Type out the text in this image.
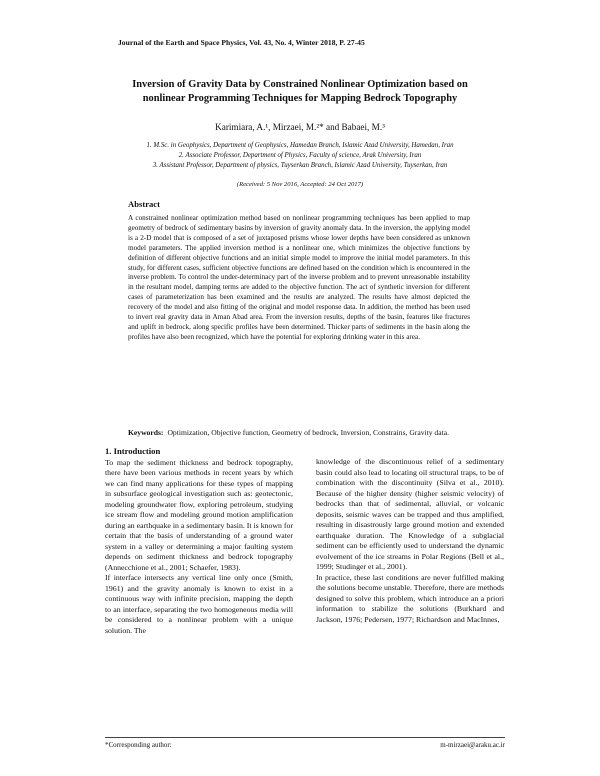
Journal of the Earth and Space Physics, Vol. 43, No. 4, Winter 2018, P. 27-45
Inversion of Gravity Data by Constrained Nonlinear Optimization based on
nonlinear Programming Techniques for Mapping Bedrock Topography
Karimiara, A.¹, Mirzaei, M.²* and Babaei, M.³
1. M.Sc. in Geophysics, Department of Geophysics, Hamedan Branch, Islamic Azad University, Hamedan, Iran
2. Associate Professor, Department of Physics, Faculty of science, Arak University, Iran
3. Assistant Professor, Department of physics, Tuyserkan Branch, Islamic Azad University, Tuyserkan, Iran
(Received: 5 Nov 2016, Accepted: 24 Oct 2017)
Abstract
A constrained nonlinear optimization method based on nonlinear programming techniques has been applied to map geometry of bedrock of sedimentary basins by inversion of gravity anomaly data. In the inversion, the applying model is a 2-D model that is composed of a set of juxtaposed prisms whose lower depths have been considered as unknown model parameters. The applied inversion method is a nonlinear one, which minimizes the objective functions by definition of different objective functions and an initial simple model to improve the initial model parameters. In this study, for different cases, sufficient objective functions are defined based on the condition which is encountered in the inverse problem. To control the under-determinacy part of the inverse problem and to prevent unreasonable instability in the resultant model, damping terms are added to the objective function. The act of synthetic inversion for different cases of parameterization has been examined and the results are analyzed. The results have almost depicted the recovery of the model and also fitting of the original and model response data. In addition, the method has been used to invert real gravity data in Aman Abad area. From the inversion results, depths of the basin, features like fractures and uplift in bedrock, along specific profiles have been determined. Thicker parts of sediments in the basin along the profiles have also been recognized, which have the potential for exploring drinking water in this area.
Keywords: Optimization, Objective function, Geometry of bedrock, Inversion, Constrains, Gravity data.
1. Introduction

To map the sediment thickness and bedrock topography, there have been various methods in recent years by which we can find many applications for these types of mapping in subsurface geological investigation such as: geotectonic, modeling groundwater flow, exploring petroleum, studying ice stream flow and modeling ground motion amplification during an earthquake in a sedimentary basin. It is known for certain that the basis of understanding of a ground water system in a valley or determining a major faulting system depends on sediment thickness and bedrock topography (Annecchione et al., 2001; Schaefer, 1983).

If interface intersects any vertical line only once (Smith, 1961) and the gravity anomaly is known to exist in a continuous way with infinite precision, mapping the depth to an interface, separating the two homogeneous media will be considered to a nonlinear problem with a unique solution. The

knowledge of the discontinuous relief of a sedimentary basin could also lead to locating oil structural traps, to be of combination with the discontinuity (Silva et al., 2010). Because of the higher density (higher seismic velocity) of bedrocks than that of sedimental, alluvial, or volcanic deposits, seismic waves can be trapped and thus amplified, resulting in disastrously large ground motion and extended earthquake duration. The Knowledge of a subglacial sediment can be efficiently used to understand the dynamic evolvement of the ice streams in Polar Regions (Bell et al., 1999; Studinger et al., 2001).

In practice, these last conditions are never fulfilled making the solutions become unstable. Therefore, there are methods designed to solve this problem, which introduce an a priori information to stabilize the solutions (Burkhard and Jackson, 1976; Pedersen, 1977; Richardson and MacInnes,

*Corresponding author:	m-mirzaei@araku.ac.ir
